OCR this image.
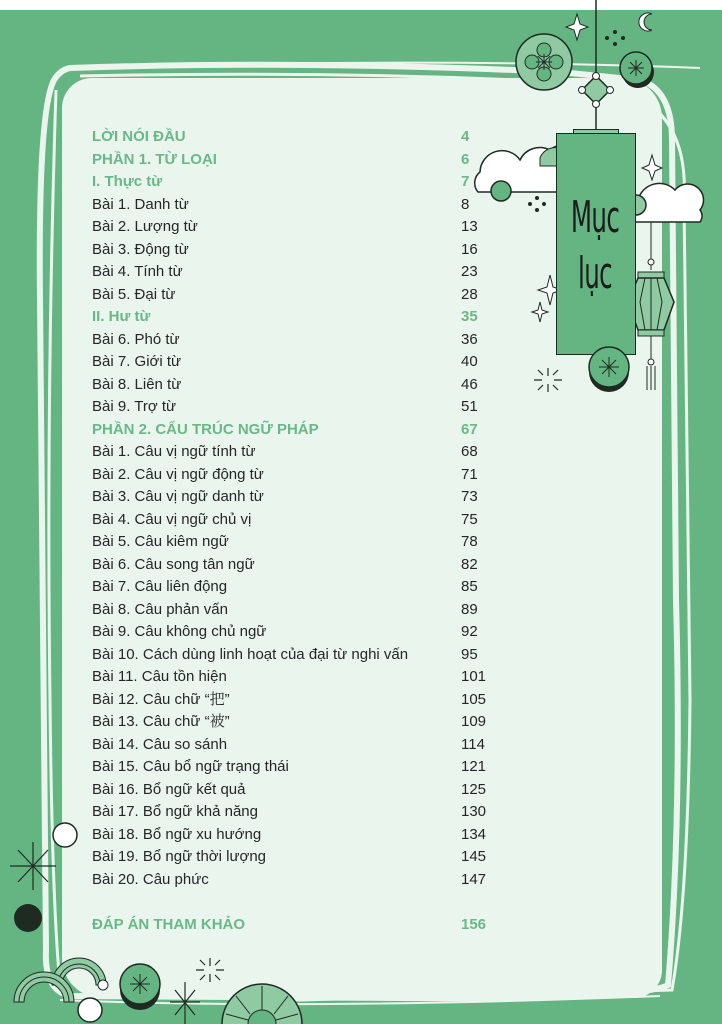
LỜI NÓI ĐẦU	4
PHẦN 1. TỪ LOẠI	6
I. Thực từ	7
Bài 1. Danh từ	8
Bài 2. Lượng từ	13
Bài 3. Động từ	16
Bài 4. Tính từ	23
Bài 5. Đại từ	28
II. Hư từ	35
Bài 6. Phó từ	36
Bài 7. Giới từ	40
Bài 8. Liên từ	46
Bài 9. Trợ từ	51
PHẦN 2. CẤU TRÚC NGỮ PHÁP	67
Bài 1. Câu vị ngữ tính từ	68
Bài 2. Câu vị ngữ động từ	71
Bài 3. Câu vị ngữ danh từ	73
Bài 4. Câu vị ngữ chủ vị	75
Bài 5. Câu kiêm ngữ	78
Bài 6. Câu song tân ngữ	82
Bài 7. Câu liên động	85
Bài 8. Câu phản vấn	89
Bài 9. Câu không chủ ngữ	92
Bài 10. Cách dùng linh hoạt của đại từ nghi vấn	95
Bài 11. Câu tồn hiện	101
Bài 12. Câu chữ “把”	105
Bài 13. Câu chữ “被”	109
Bài 14. Câu so sánh	114
Bài 15. Câu bổ ngữ trạng thái	121
Bài 16. Bổ ngữ kết quả	125
Bài 17. Bổ ngữ khả năng	130
Bài 18. Bổ ngữ xu hướng	134
Bài 19. Bổ ngữ thời lượng	145
Bài 20. Câu phức	147
ĐÁP ÁN THAM KHẢO	156
Mục lục
